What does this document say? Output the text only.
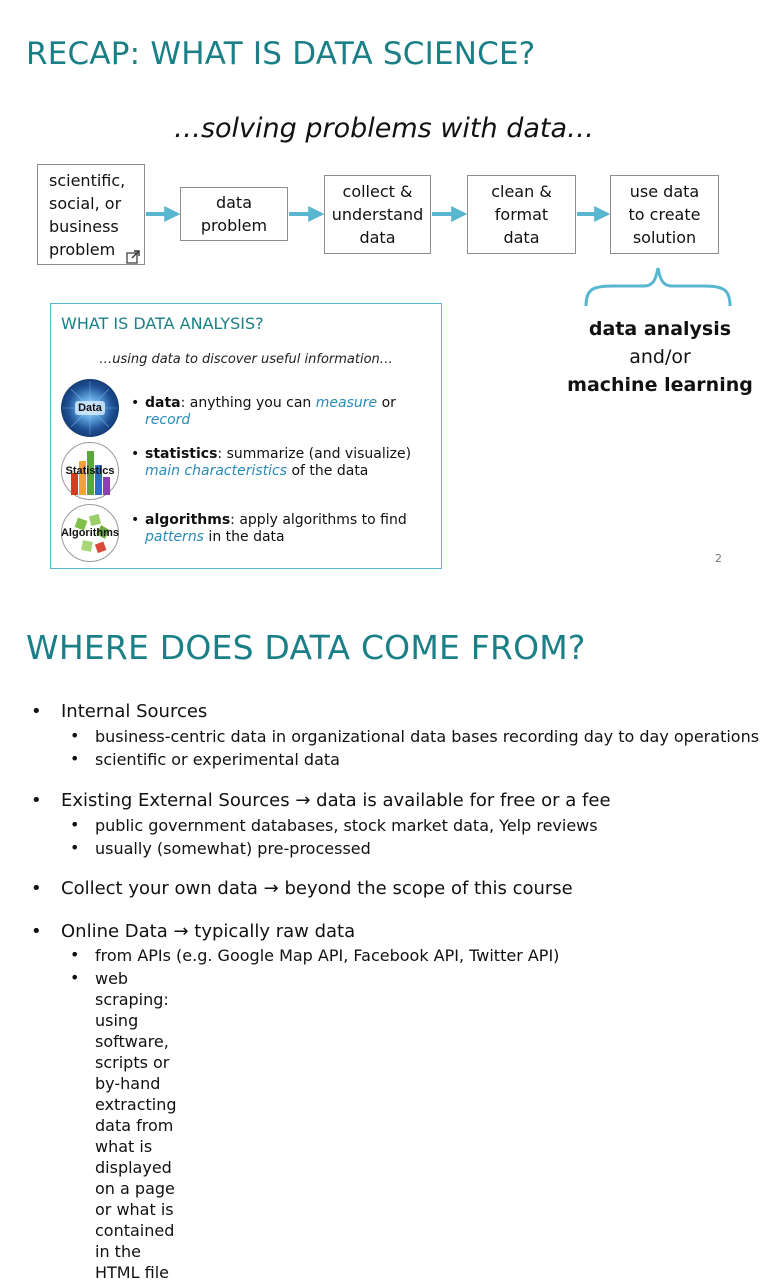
RECAP: WHAT IS DATA SCIENCE?
…solving problems with data…
scientific,
social, or
business
problem
data
problem
collect &
understand
data
clean &
format
data
use data
to create
solution
data analysis
and/or
machine learning
WHAT IS DATA ANALYSIS?
…using data to discover useful information…
Data
Statistics
Algorithms
• data: anything you can measure or record
• statistics: summarize (and visualize) main characteristics of the data
• algorithms: apply algorithms to find patterns in the data
2
WHERE DOES DATA COME FROM?
• Internal Sources
• business-centric data in organizational data bases recording day to day operations
• scientific or experimental data
• Existing External Sources → data is available for free or a fee
• public government databases, stock market data, Yelp reviews
• usually (somewhat) pre-processed
• Collect your own data → beyond the scope of this course
• Online Data → typically raw data
• from APIs (e.g. Google Map API, Facebook API, Twitter API)
• web scraping: using software, scripts or by-hand extracting data from what is
displayed on a page or what is contained in the HTML file
